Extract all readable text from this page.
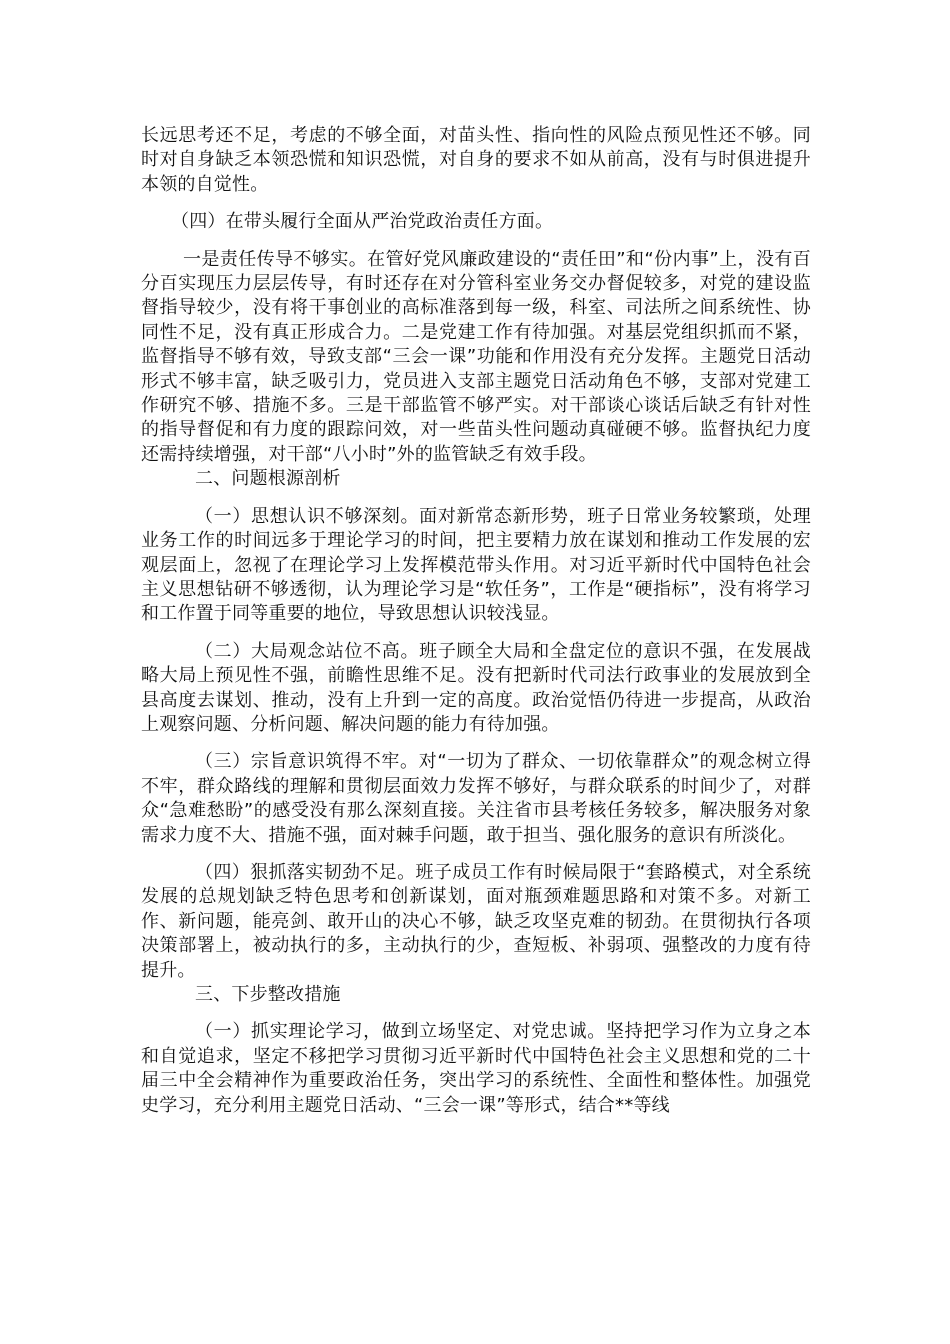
长远思考还不足，考虑的不够全面，对苗头性、指向性的风险点预见性还不够。同时对自身缺乏本领恐慌和知识恐慌，对自身的要求不如从前高，没有与时俱进提升本领的自觉性。

（四）在带头履行全面从严治党政治责任方面。

一是责任传导不够实。在管好党风廉政建设的“责任田”和“份内事”上，没有百分百实现压力层层传导，有时还存在对分管科室业务交办督促较多，对党的建设监督指导较少，没有将干事创业的高标准落到每一级，科室、司法所之间系统性、协同性不足，没有真正形成合力。二是党建工作有待加强。对基层党组织抓而不紧，监督指导不够有效，导致支部“三会一课”功能和作用没有充分发挥。主题党日活动形式不够丰富，缺乏吸引力，党员进入支部主题党日活动角色不够，支部对党建工作研究不够、措施不多。三是干部监管不够严实。对干部谈心谈话后缺乏有针对性的指导督促和有力度的跟踪问效，对一些苗头性问题动真碰硬不够。监督执纪力度还需持续增强，对干部“八小时”外的监管缺乏有效手段。

二、问题根源剖析

（一）思想认识不够深刻。面对新常态新形势，班子日常业务较繁琐，处理业务工作的时间远多于理论学习的时间，把主要精力放在谋划和推动工作发展的宏观层面上，忽视了在理论学习上发挥模范带头作用。对习近平新时代中国特色社会主义思想钻研不够透彻，认为理论学习是“软任务”，工作是“硬指标”，没有将学习和工作置于同等重要的地位，导致思想认识较浅显。

（二）大局观念站位不高。班子顾全大局和全盘定位的意识不强，在发展战略大局上预见性不强，前瞻性思维不足。没有把新时代司法行政事业的发展放到全县高度去谋划、推动，没有上升到一定的高度。政治觉悟仍待进一步提高，从政治上观察问题、分析问题、解决问题的能力有待加强。

（三）宗旨意识筑得不牢。对“一切为了群众、一切依靠群众”的观念树立得不牢，群众路线的理解和贯彻层面效力发挥不够好，与群众联系的时间少了，对群众“急难愁盼”的感受没有那么深刻直接。关注省市县考核任务较多，解决服务对象需求力度不大、措施不强，面对棘手问题，敢于担当、强化服务的意识有所淡化。

（四）狠抓落实韧劲不足。班子成员工作有时候局限于“套路模式，对全系统发展的总规划缺乏特色思考和创新谋划，面对瓶颈难题思路和对策不多。对新工作、新问题，能亮剑、敢开山的决心不够，缺乏攻坚克难的韧劲。在贯彻执行各项决策部署上，被动执行的多，主动执行的少，查短板、补弱项、强整改的力度有待提升。

三、下步整改措施

（一）抓实理论学习，做到立场坚定、对党忠诚。坚持把学习作为立身之本和自觉追求，坚定不移把学习贯彻习近平新时代中国特色社会主义思想和党的二十届三中全会精神作为重要政治任务，突出学习的系统性、全面性和整体性。加强党史学习，充分利用主题党日活动、“三会一课”等形式，结合**等线
